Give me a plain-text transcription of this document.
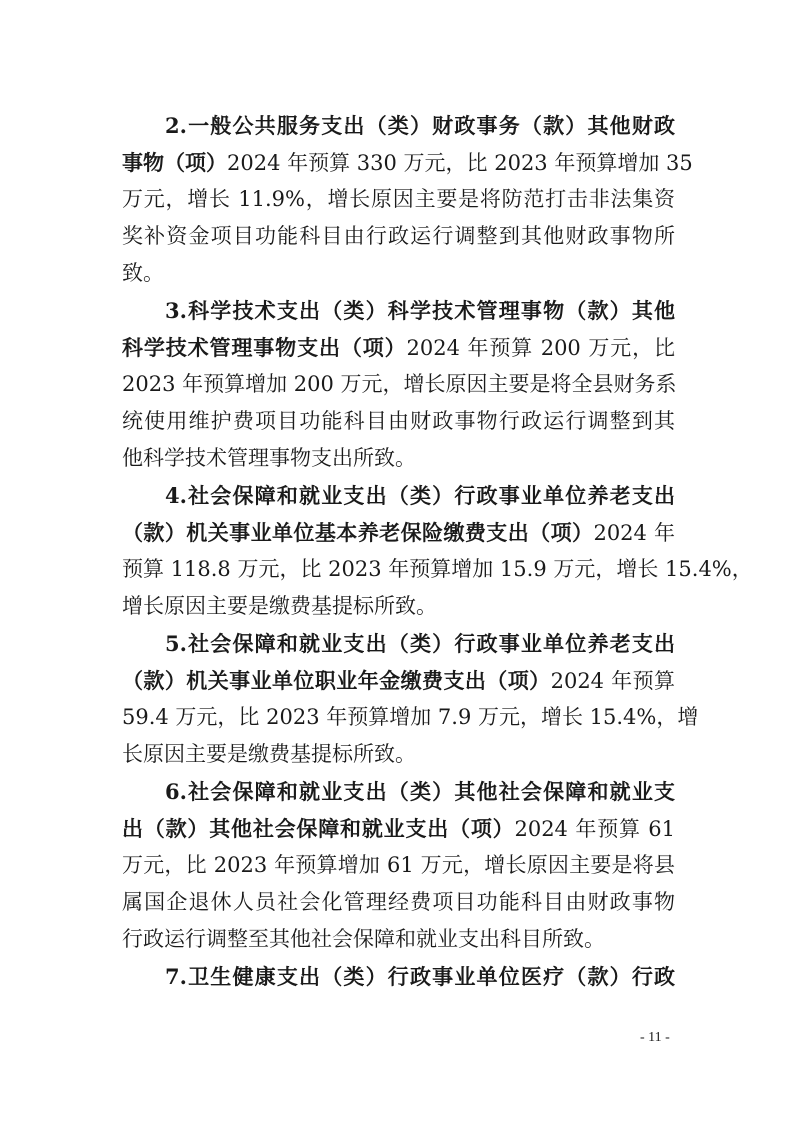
2.一般公共服务支出（类）财政事务（款）其他财政
事物（项）2024 年预算 330 万元，比 2023 年预算增加 35
万元，增长 11.9%，增长原因主要是将防范打击非法集资
奖补资金项目功能科目由行政运行调整到其他财政事物所
致。
3.科学技术支出（类）科学技术管理事物（款）其他
科学技术管理事物支出（项）2024 年预算 200 万元，比
2023 年预算增加 200 万元，增长原因主要是将全县财务系
统使用维护费项目功能科目由财政事物行政运行调整到其
他科学技术管理事物支出所致。
4.社会保障和就业支出（类）行政事业单位养老支出
（款）机关事业单位基本养老保险缴费支出（项）2024 年
预算 118.8 万元，比 2023 年预算增加 15.9 万元，增长 15.4%，
增长原因主要是缴费基提标所致。
5.社会保障和就业支出（类）行政事业单位养老支出
（款）机关事业单位职业年金缴费支出（项）2024 年预算
59.4 万元，比 2023 年预算增加 7.9 万元，增长 15.4%，增
长原因主要是缴费基提标所致。
6.社会保障和就业支出（类）其他社会保障和就业支
出（款）其他社会保障和就业支出（项）2024 年预算 61
万元，比 2023 年预算增加 61 万元，增长原因主要是将县
属国企退休人员社会化管理经费项目功能科目由财政事物
行政运行调整至其他社会保障和就业支出科目所致。
7.卫生健康支出（类）行政事业单位医疗（款）行政
- 11 -
